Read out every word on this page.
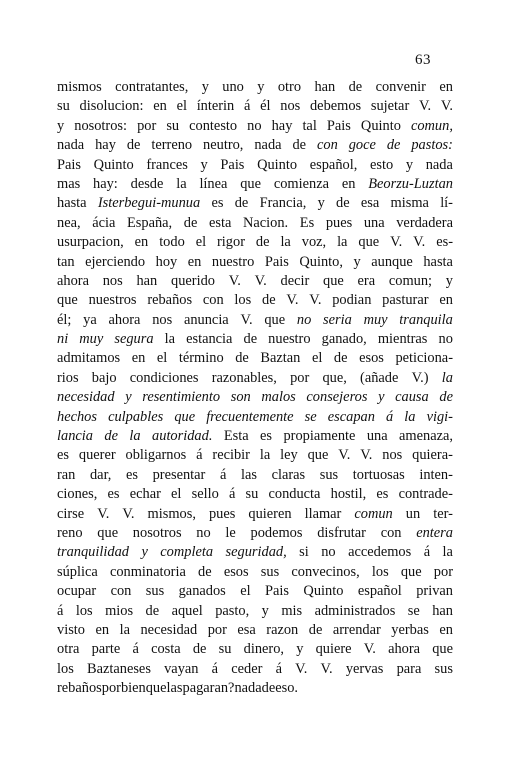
63
mismos contratantes, y uno y otro han de convenir en
su disolucion: en el ínterin á él nos debemos sujetar V. V.
y nosotros: por su contesto no hay tal Pais Quinto comun,
nada hay de terreno neutro, nada de con goce de pastos:
Pais Quinto frances y Pais Quinto español, esto y nada
mas hay: desde la línea que comienza en Beorzu-Luztan
hasta Isterbegui-munua es de Francia, y de esa misma lí-
nea, ácia España, de esta Nacion. Es pues una verdadera
usurpacion, en todo el rigor de la voz, la que V. V. es-
tan ejerciendo hoy en nuestro Pais Quinto, y aunque hasta
ahora nos han querido V. V. decir que era comun; y
que nuestros rebaños con los de V. V. podian pasturar en
él; ya ahora nos anuncia V. que no seria muy tranquila
ni muy segura la estancia de nuestro ganado, mientras no
admitamos en el término de Baztan el de esos peticiona-
rios bajo condiciones razonables, por que, (añade V.) la
necesidad y resentimiento son malos consejeros y causa de
hechos culpables que frecuentemente se escapan á la vigi-
lancia de la autoridad. Esta es propiamente una amenaza,
es querer obligarnos á recibir la ley que V. V. nos quiera-
ran dar, es presentar á las claras sus tortuosas inten-
ciones, es echar el sello á su conducta hostil, es contrade-
cirse V. V. mismos, pues quieren llamar comun un ter-
reno que nosotros no le podemos disfrutar con entera
tranquilidad y completa seguridad, si no accedemos á la
súplica conminatoria de esos sus convecinos, los que por
ocupar con sus ganados el Pais Quinto español privan
á los mios de aquel pasto, y mis administrados se han
visto en la necesidad por esa razon de arrendar yerbas en
otra parte á costa de su dinero, y quiere V. ahora que
los Baztaneses vayan á ceder á V. V. yervas para sus
rebaños por bien que las pagaran? nada de eso.
